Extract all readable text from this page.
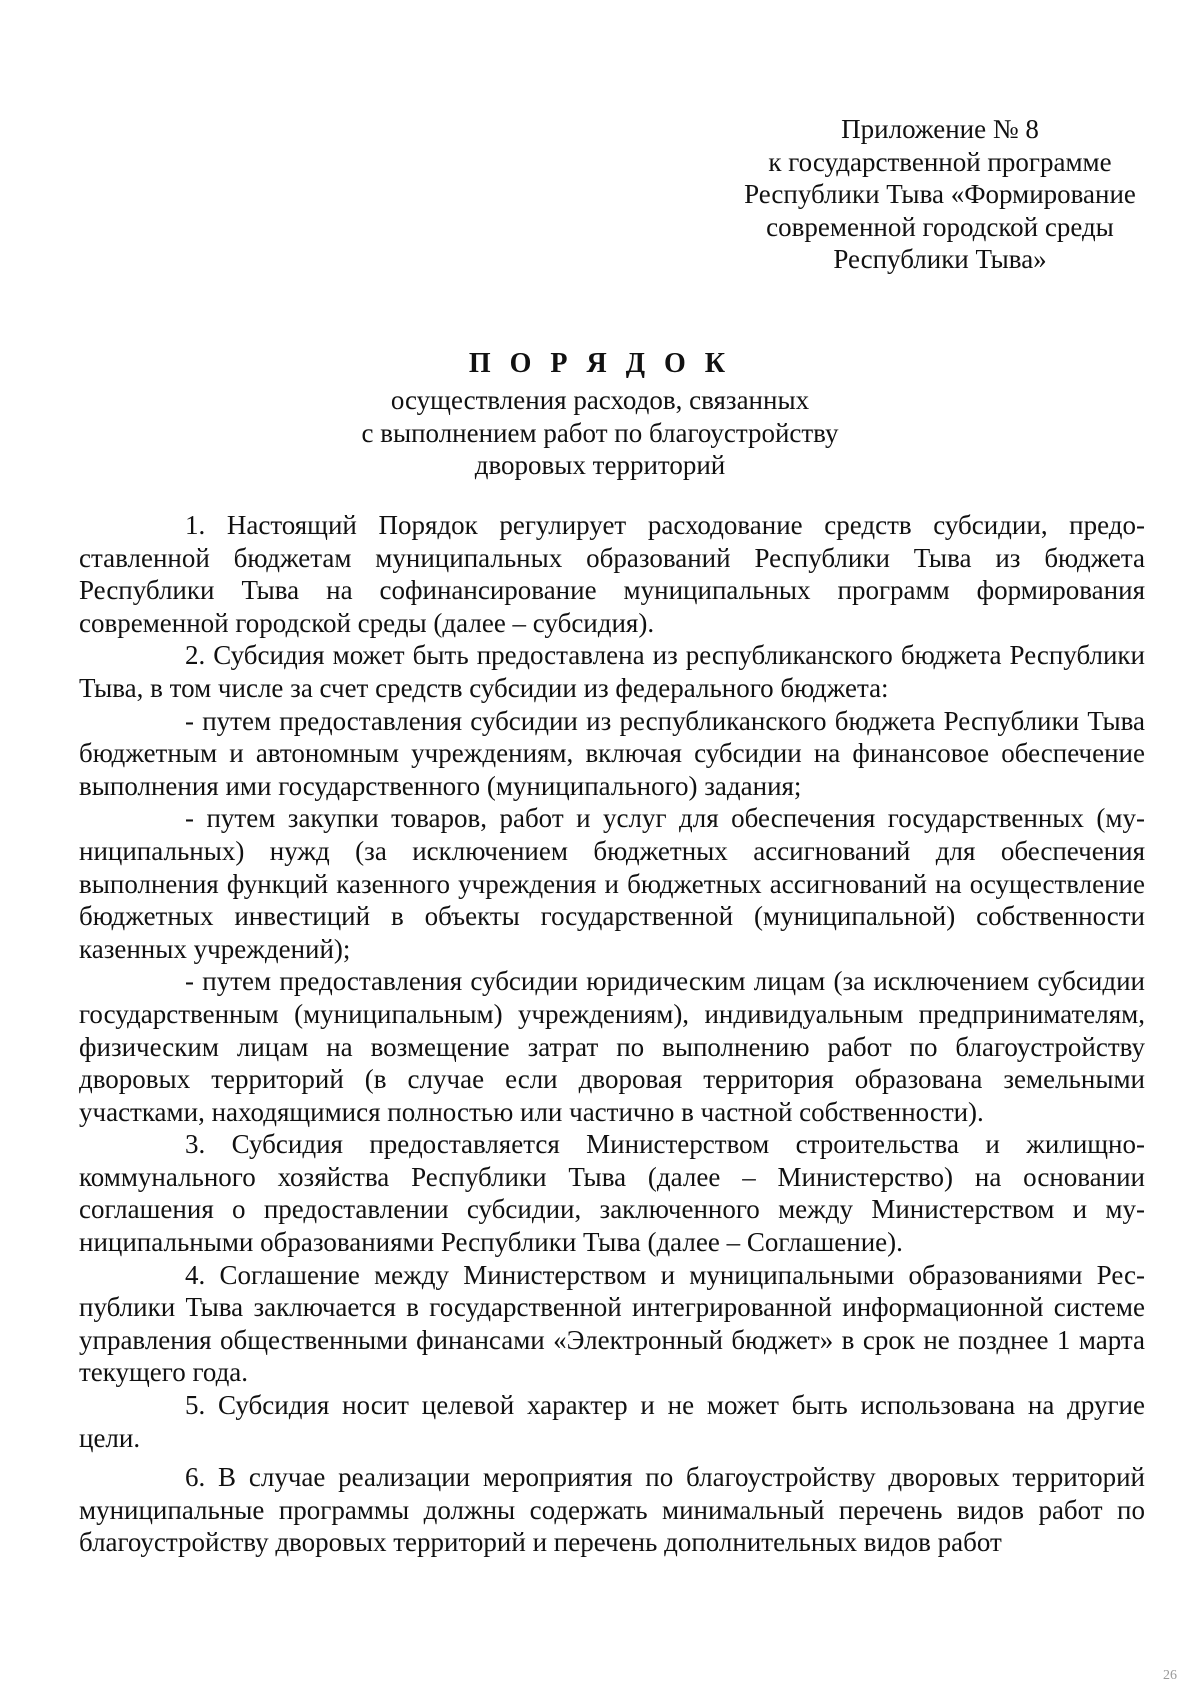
Приложение № 8
к государственной программе
Республики Тыва «Формирование
современной городской среды
Республики Тыва»
П О Р Я Д О К
осуществления расходов, связанных
с выполнением работ по благоустройству
дворовых территорий

1. Настоящий Порядок регулирует расходование средств субсидии, предоставленной бюджетам муниципальных образований Республики Тыва из бюджета Республики Тыва на софинансирование муниципальных программ формирования современной городской среды (далее – субсидия).

2. Субсидия может быть предоставлена из республиканского бюджета Республики Тыва, в том числе за счет средств субсидии из федерального бюджета:

- путем предоставления субсидии из республиканского бюджета Республики Тыва бюджетным и автономным учреждениям, включая субсидии на финансовое обеспечение выполнения ими государственного (муниципального) задания;

- путем закупки товаров, работ и услуг для обеспечения государственных (муниципальных) нужд (за исключением бюджетных ассигнований для обеспечения выполнения функций казенного учреждения и бюджетных ассигнований на осуществление бюджетных инвестиций в объекты государственной (муниципальной) собственности казенных учреждений);

- путем предоставления субсидии юридическим лицам (за исключением субсидии государственным (муниципальным) учреждениям), индивидуальным предпринимателям, физическим лицам на возмещение затрат по выполнению работ по благоустройству дворовых территорий (в случае если дворовая территория образована земельными участками, находящимися полностью или частично в частной собственности).

3. Субсидия предоставляется Министерством строительства и жилищно-коммунального хозяйства Республики Тыва (далее – Министерство) на основании соглашения о предоставлении субсидии, заключенного между Министерством и муниципальными образованиями Республики Тыва (далее – Соглашение).

4. Соглашение между Министерством и муниципальными образованиями Республики Тыва заключается в государственной интегрированной информационной системе управления общественными финансами «Электронный бюджет» в срок не позднее 1 марта текущего года.

5. Субсидия носит целевой характер и не может быть использована на другие цели.

6. В случае реализации мероприятия по благоустройству дворовых территорий муниципальные программы должны содержать минимальный перечень видов работ по благоустройству дворовых территорий и перечень дополнительных видов работ

26
